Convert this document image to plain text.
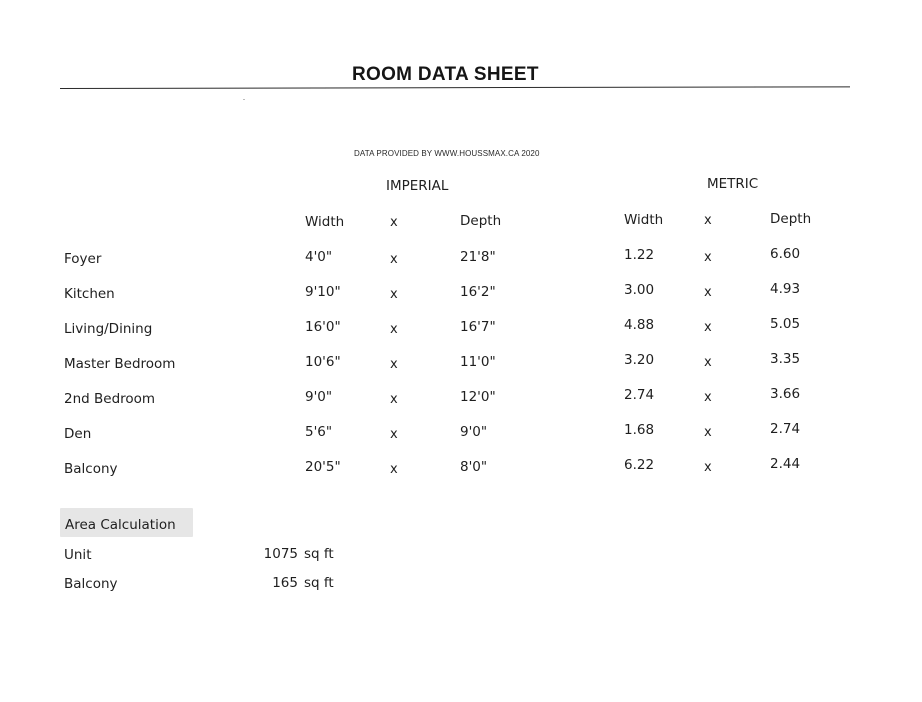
ROOM DATA SHEET
DATA PROVIDED BY WWW.HOUSSMAX.CA 2020
IMPERIAL	METRIC
Width	x	Depth	Width	x	Depth
Foyer	4'0"	x	21'8"	1.22	x	6.60
Kitchen	9'10"	x	16'2"	3.00	x	4.93
Living/Dining	16'0"	x	16'7"	4.88	x	5.05
Master Bedroom	10'6"	x	11'0"	3.20	x	3.35
2nd Bedroom	9'0"	x	12'0"	2.74	x	3.66
Den	5'6"	x	9'0"	1.68	x	2.74
Balcony	20'5"	x	8'0"	6.22	x	2.44
Area Calculation
Unit	1075 sq ft
Balcony	165 sq ft
